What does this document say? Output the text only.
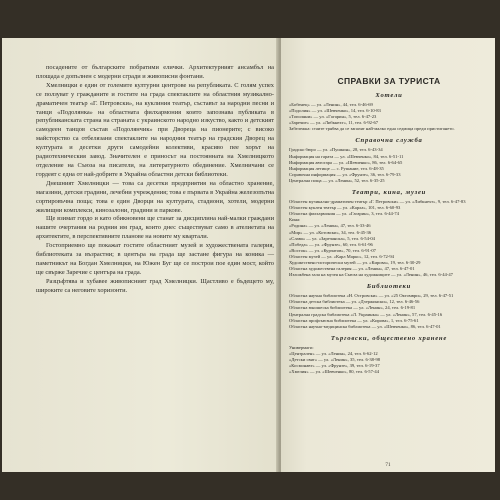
посадените от българските побратими елички. Архитектурният ансамбъл на площада е допълнен с модерни сгради и живописни фонтани.

Хмелницки е един от големите културни центрове на републиката. С голям успех се ползуват у гражданите и гостите на града спектаклите на областния музикално-драматичен театър «Г. Петровски», на куклиния театър, съставът за народни песни и танци «Подолянка» на областната филхармония които запознава публиката в републиканската страна на страната с украинското народно изкуство, както и детският самодеен танцов състав «Подолянчик» при Двореца на пионерите; с високо майсторство са отбелязани спектаклите на народния театър на градския Дворец на културата и десетки други самодейни колективи, красиво пее хорът на радиотехническия завод. Значителен е приносът на постоянната на Хмелницкото отделение на Съюза на писатели, на литературното обединение. Хмелничани се гордеят с една от най-добрите в Украйна областни детски библиотеки.

Днешният Хмелницки — това са десетки предприятия на областно хранение, магазини, детски градини, лечебни учреждения; това е първата в Украйна железопътна сортировъчна поща; това е един Дворци на културата, стадиони, хотели, модерни жилищни комплекси, кинозалони, градини и паркове.

Ще взимат гордо и като обикновени ще станат за дисциплина най-малки граждани нашите очертания на родния им град, които днес съществуват само в ателиетата на архитектите, в перспективните планове на новите му квартали.

Гостоприемно ще покажат гостите областният музей и художествената галерия, библиотеката за възрастни; в центъра на града ще застане фигура на коника — паметникът на Богдан Хмелницки, на Южен Буг ще се построи пое един мост, който ще свърже Заречие с центъра на града.

Разцъфтява и хубавее живописният град Хмелницки. Щастливо е бъдещето му, широките са неговите хоризонти.

СПРАВКИ ЗА ТУРИСТА
Хотели
«Бобенец» — ул. «Ленин», 44, тел. 6-46-69
«Подолия» — ул. «Шевченко», 14, тел. 6-10-83
«Тополяни» — ул. «Гагарин», 5, тел. 6-47-23
«Заречие» — ул. «Либкнехт», 11, тел. 6-92-67
Забележка: стаите трябва да се запазят най-малко една седмица преди пристигането.
Справочна служба
Градско бюро — ул. «Пушкин», 28, тел. 6-43-34
Информация на гарата — ул. «Шевченко», 84, тел. 6-51-11
Информация автогара — ул. «Шевченко», 86, тел. 6-64-65
Информация летище — с. Рушание, тел. 6-48-35
Справочна информация — ул. «Фрунзе», 36, тел. 6-79-33
Централна поща — ул. «Ленин», 52, тел. 6-35-25
Театри, кина, музеи
Областен музикално-драматичен театър «Г. Петровски» — ул. «Либкнехт», 9, тел. 6-47-83
Областен куклен театър — ул. «Карла», 101, тел. 6-60-93
Областна филхармония — ул. «Гагарин», 3, тел. 6-44-74
Кина:
«Родина» — ул. «Ленин», 47, тел. 6-33-46
«Мир» — ул. «Котовски», 34, тел. 6-45-36
«Слава» — ул. «Заречанска», 5, тел. 6-54-04
«Победа» — ул. «Фрунзе», 60, тел. 6-61-96
«Восток» — ул. «Курчатов», 70, тел. 6-91-07
Областен музей — ул. «Карл Маркс», 12, тел. 6-72-94
Художествено-исторически музей — ул. «Кирова», 19, тел. 6-30-29
Областна художествена галерия — ул. «Ленин», 47, тел. 6-47-01
Изложбена зала на музея на Съюза на художниците — ул. «Ленин», 46, тел. 6-44-47
Библиотеки
Областна научна библиотека «Н. Островски» — ул. «25 Октомври», 29, тел. 6-47-51
Областна детска библиотека — ул. «Дзержински», 12, тел. 6-46-56
Областна юношеска библиотека — ул. «Ленин», 24, тел. 6-19-81
Централна градска библиотека «Л. Украинка» — ул. «Ленин», 57, тел. 6-45-16
Областна профсъюзна библиотека — ул. «Кирова», 1, тел. 6-75-61
Областна научно-медицинска библиотека — ул. «Шевченко», 86, тел. 6-47-01
Търговски, обществено хранене
Универмаги:
«Централен» — ул. «Ленин», 24, тел. 6-62-12
«Детски свят» — ул. «Ленин», 35, тел. 6-38-98
«Космонавт» — ул. «Фрунзе», 39, тел. 6-19-37
«Хмелия» — ул. «Шевченко», 80, тел. 6-57-44
71
